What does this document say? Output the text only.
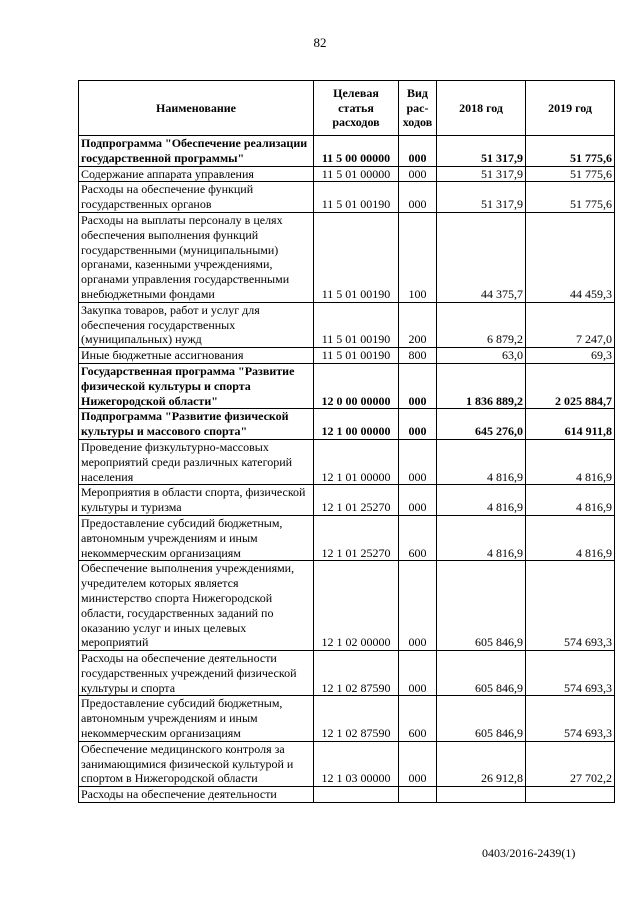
82
Наименование	Целевая статья расходов	Вид рас-ходов	2018 год	2019 год
Подпрограмма "Обеспечение реализации государственной программы"	11 5 00 00000	000	51 317,9	51 775,6
Содержание аппарата управления	11 5 01 00000	000	51 317,9	51 775,6
Расходы на обеспечение функций государственных органов	11 5 01 00190	000	51 317,9	51 775,6
Расходы на выплаты персоналу в целях обеспечения выполнения функций государственными (муниципальными) органами, казенными учреждениями, органами управления государственными внебюджетными фондами	11 5 01 00190	100	44 375,7	44 459,3
Закупка товаров, работ и услуг для обеспечения государственных (муниципальных) нужд	11 5 01 00190	200	6 879,2	7 247,0
Иные бюджетные ассигнования	11 5 01 00190	800	63,0	69,3
Государственная программа "Развитие физической культуры и спорта Нижегородской области"	12 0 00 00000	000	1 836 889,2	2 025 884,7
Подпрограмма "Развитие физической культуры и массового спорта"	12 1 00 00000	000	645 276,0	614 911,8
Проведение физкультурно-массовых мероприятий среди различных категорий населения	12 1 01 00000	000	4 816,9	4 816,9
Мероприятия в области спорта, физической культуры и туризма	12 1 01 25270	000	4 816,9	4 816,9
Предоставление субсидий бюджетным, автономным учреждениям и иным некоммерческим организациям	12 1 01 25270	600	4 816,9	4 816,9
Обеспечение выполнения учреждениями, учредителем которых является министерство спорта Нижегородской области, государственных заданий по оказанию услуг и иных целевых мероприятий	12 1 02 00000	000	605 846,9	574 693,3
Расходы на обеспечение деятельности государственных учреждений физической культуры и спорта	12 1 02 87590	000	605 846,9	574 693,3
Предоставление субсидий бюджетным, автономным учреждениям и иным некоммерческим организациям	12 1 02 87590	600	605 846,9	574 693,3
Обеспечение медицинского контроля за занимающимися физической культурой и спортом в Нижегородской области	12 1 03 00000	000	26 912,8	27 702,2
Расходы на обеспечение деятельности				
0403/2016-2439(1)
